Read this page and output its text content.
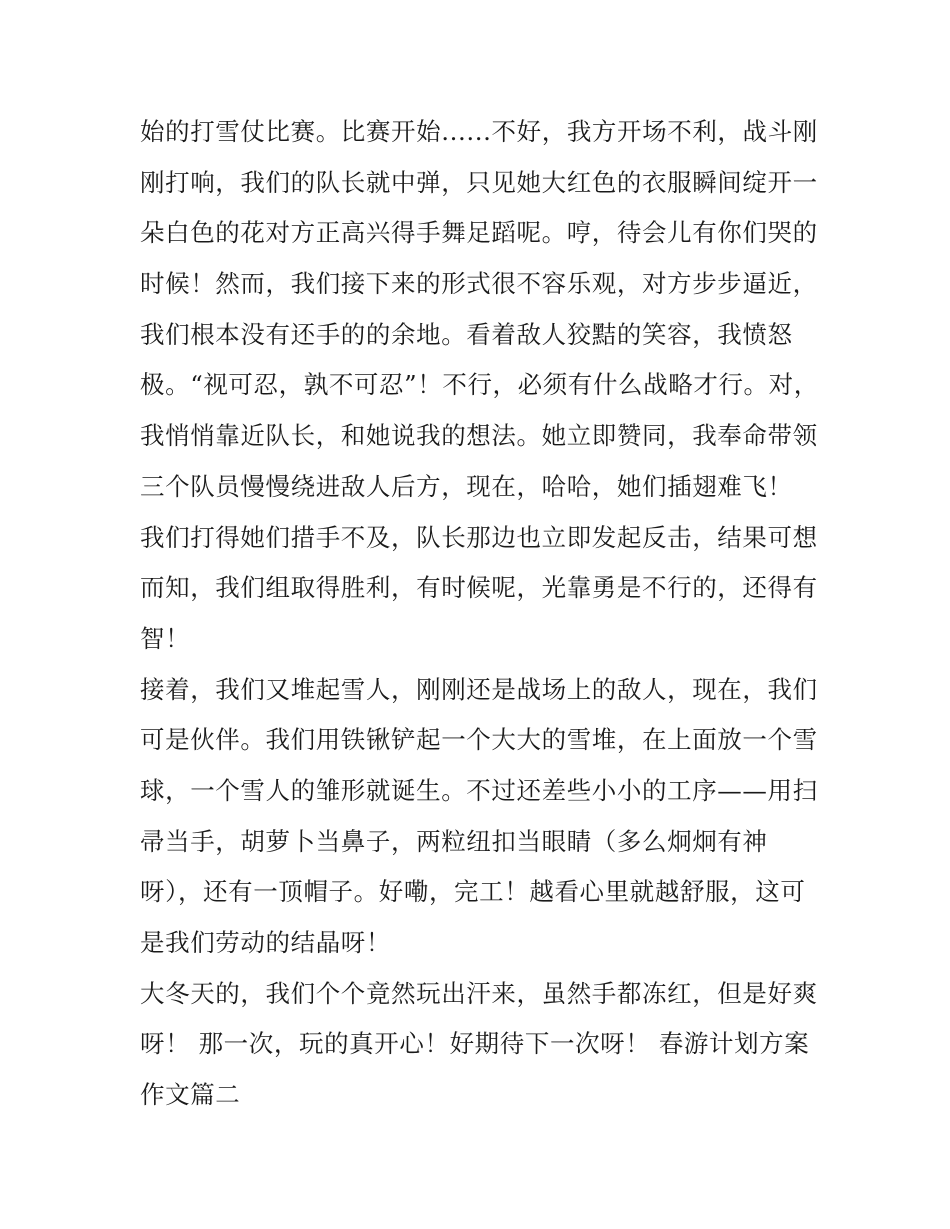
始的打雪仗比赛。比赛开始......不好，我方开场不利，战斗刚
刚打响，我们的队长就中弹，只见她大红色的衣服瞬间绽开一
朵白色的花对方正高兴得手舞足蹈呢。哼，待会儿有你们哭的
时候！然而，我们接下来的形式很不容乐观，对方步步逼近，
我们根本没有还手的的余地。看着敌人狡黠的笑容，我愤怒
极。“视可忍，孰不可忍”！不行，必须有什么战略才行。对，
我悄悄靠近队长，和她说我的想法。她立即赞同，我奉命带领
三个队员慢慢绕进敌人后方，现在，哈哈，她们插翅难飞！
我们打得她们措手不及，队长那边也立即发起反击，结果可想
而知，我们组取得胜利，有时候呢，光靠勇是不行的，还得有
智！
接着，我们又堆起雪人，刚刚还是战场上的敌人，现在，我们
可是伙伴。我们用铁锹铲起一个大大的雪堆，在上面放一个雪
球，一个雪人的雏形就诞生。不过还差些小小的工序——用扫
帚当手，胡萝卜当鼻子，两粒纽扣当眼睛（多么炯炯有神
呀），还有一顶帽子。好嘞，完工！越看心里就越舒服，这可
是我们劳动的结晶呀！
大冬天的，我们个个竟然玩出汗来，虽然手都冻红，但是好爽
呀！ 那一次，玩的真开心！好期待下一次呀！ 春游计划方案
作文篇二
